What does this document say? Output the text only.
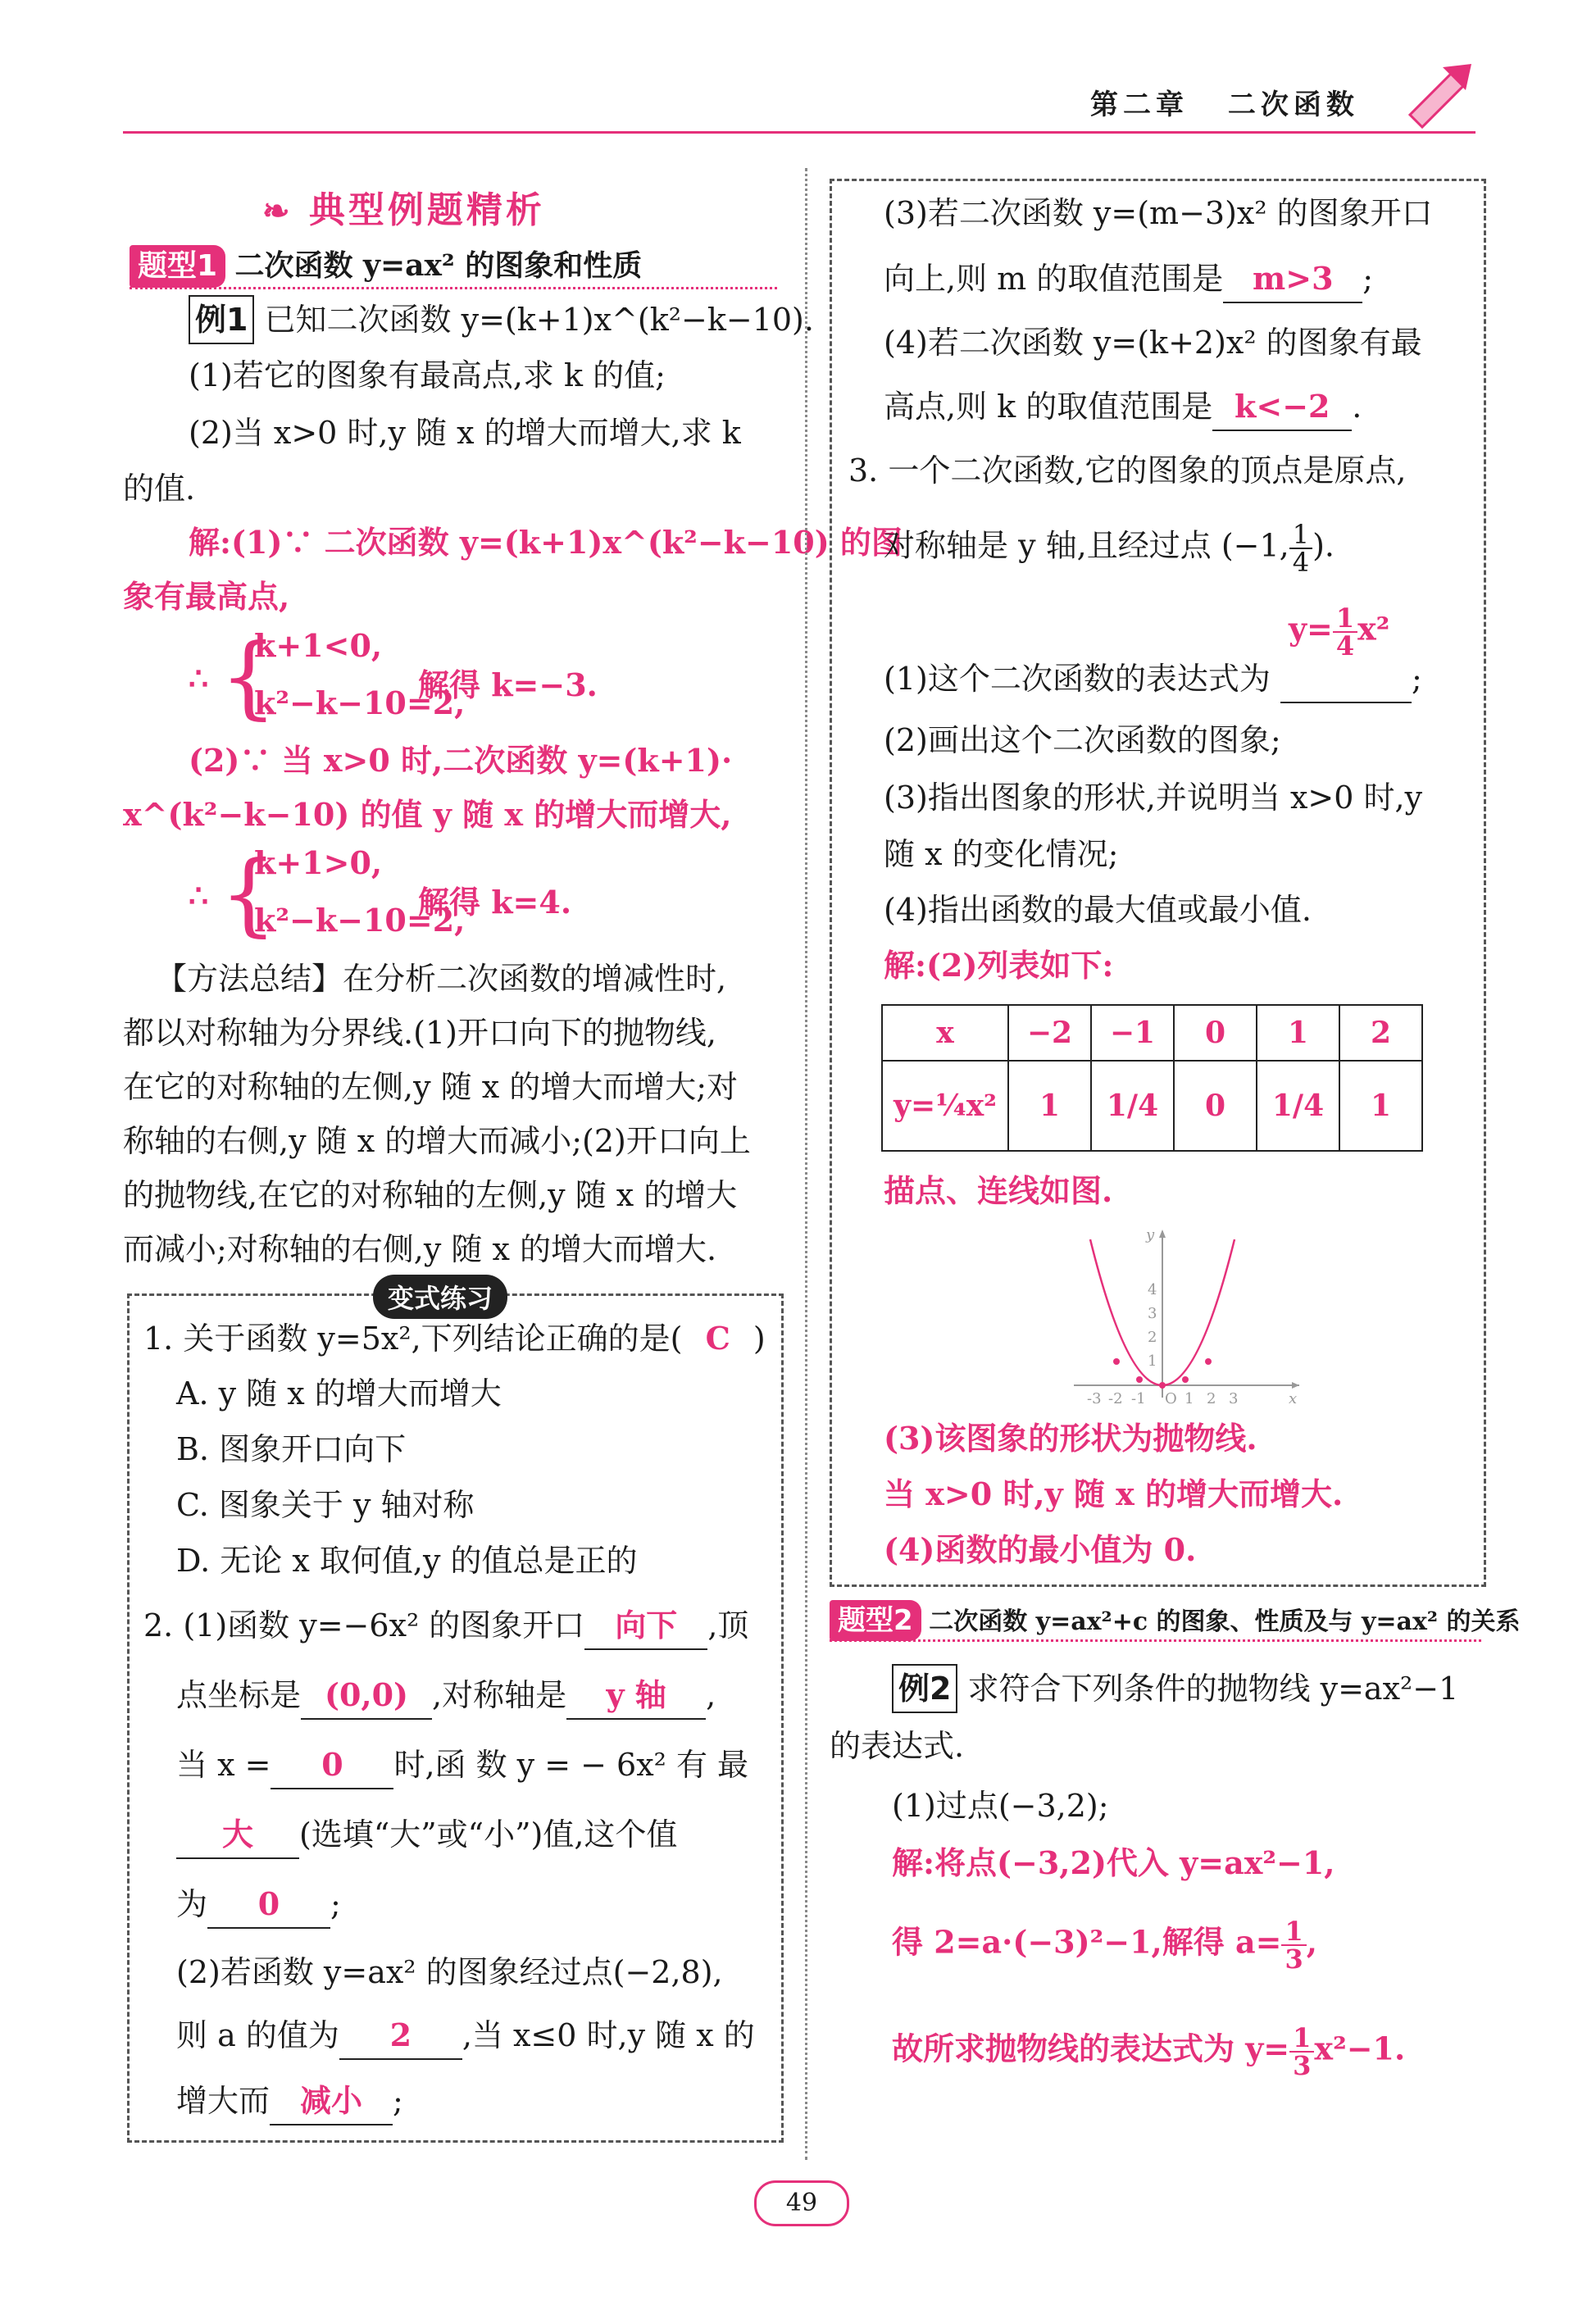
第二章 二次函数
❧ 典型例题精析
题型1 二次函数 y=ax² 的图象和性质
例1 已知二次函数 y=(k+1)x^(k²−k−10).
(1)若它的图象有最高点,求 k 的值;
(2)当 x>0 时,y 随 x 的增大而增大,求 k
的值.
解:(1)∵ 二次函数 y=(k+1)x^(k²−k−10) 的图
象有最高点,
∴ {
k+1<0,
k²−k−10=2,
解得 k=−3.
(2)∵ 当 x>0 时,二次函数 y=(k+1)·
x^(k²−k−10) 的值 y 随 x 的增大而增大,
∴ {
k+1>0,
k²−k−10=2,
解得 k=4.
【方法总结】在分析二次函数的增减性时,
都以对称轴为分界线.(1)开口向下的抛物线,
在它的对称轴的左侧,y 随 x 的增大而增大;对
称轴的右侧,y 随 x 的增大而减小;(2)开口向上
的抛物线,在它的对称轴的左侧,y 随 x 的增大
而减小;对称轴的右侧,y 随 x 的增大而增大.
变式练习
1. 关于函数 y=5x²,下列结论正确的是( C )
A. y 随 x 的增大而增大
B. 图象开口向下
C. 图象关于 y 轴对称
D. 无论 x 取何值,y 的值总是正的
2. (1)函数 y=−6x² 的图象开口 向下 ,顶
点坐标是 (0,0) ,对称轴是 y 轴 ,
当 x = 0 时,函 数 y = − 6x² 有 最
大 (选填“大”或“小”)值,这个值
为 0 ;
(2)若函数 y=ax² 的图象经过点(−2,8),
则 a 的值为 2 ,当 x≤0 时,y 随 x 的
增大而 减小 ;
(3)若二次函数 y=(m−3)x² 的图象开口
向上,则 m 的取值范围是 m>3 ;
(4)若二次函数 y=(k+2)x² 的图象有最
高点,则 k 的取值范围是 k<−2 .
3. 一个二次函数,它的图象的顶点是原点,
对称轴是 y 轴,且经过点 (−1, $\frac{1}{4}$ ).
(1)这个二次函数的表达式为
$y= \frac{1}{4} x^2$
;
(2)画出这个二次函数的图象;
(3)指出图象的形状,并说明当 x>0 时,y
随 x 的变化情况;
(4)指出函数的最大值或最小值.
解:(2)列表如下:
x	−2	−1	0	1	2
y=¼x²	1	1/4	0	1/4	1
描点、连线如图.
-3 -2 -1 O 1 2 3	x
1
2
3
4
y
(3)该图象的形状为抛物线.
当 x>0 时,y 随 x 的增大而增大.
(4)函数的最小值为 0.
题型2 二次函数 y=ax²+c 的图象、性质及与 y=ax² 的关系
例2 求符合下列条件的抛物线 y=ax²−1
的表达式.
(1)过点(−3,2);
解:将点(−3,2)代入 y=ax²−1,
得 2=a·(−3)²−1,解得 $a= \frac{1}{3}$ ,
故所求抛物线的表达式为 $y= \frac{1}{3} x^2-1$.
49
